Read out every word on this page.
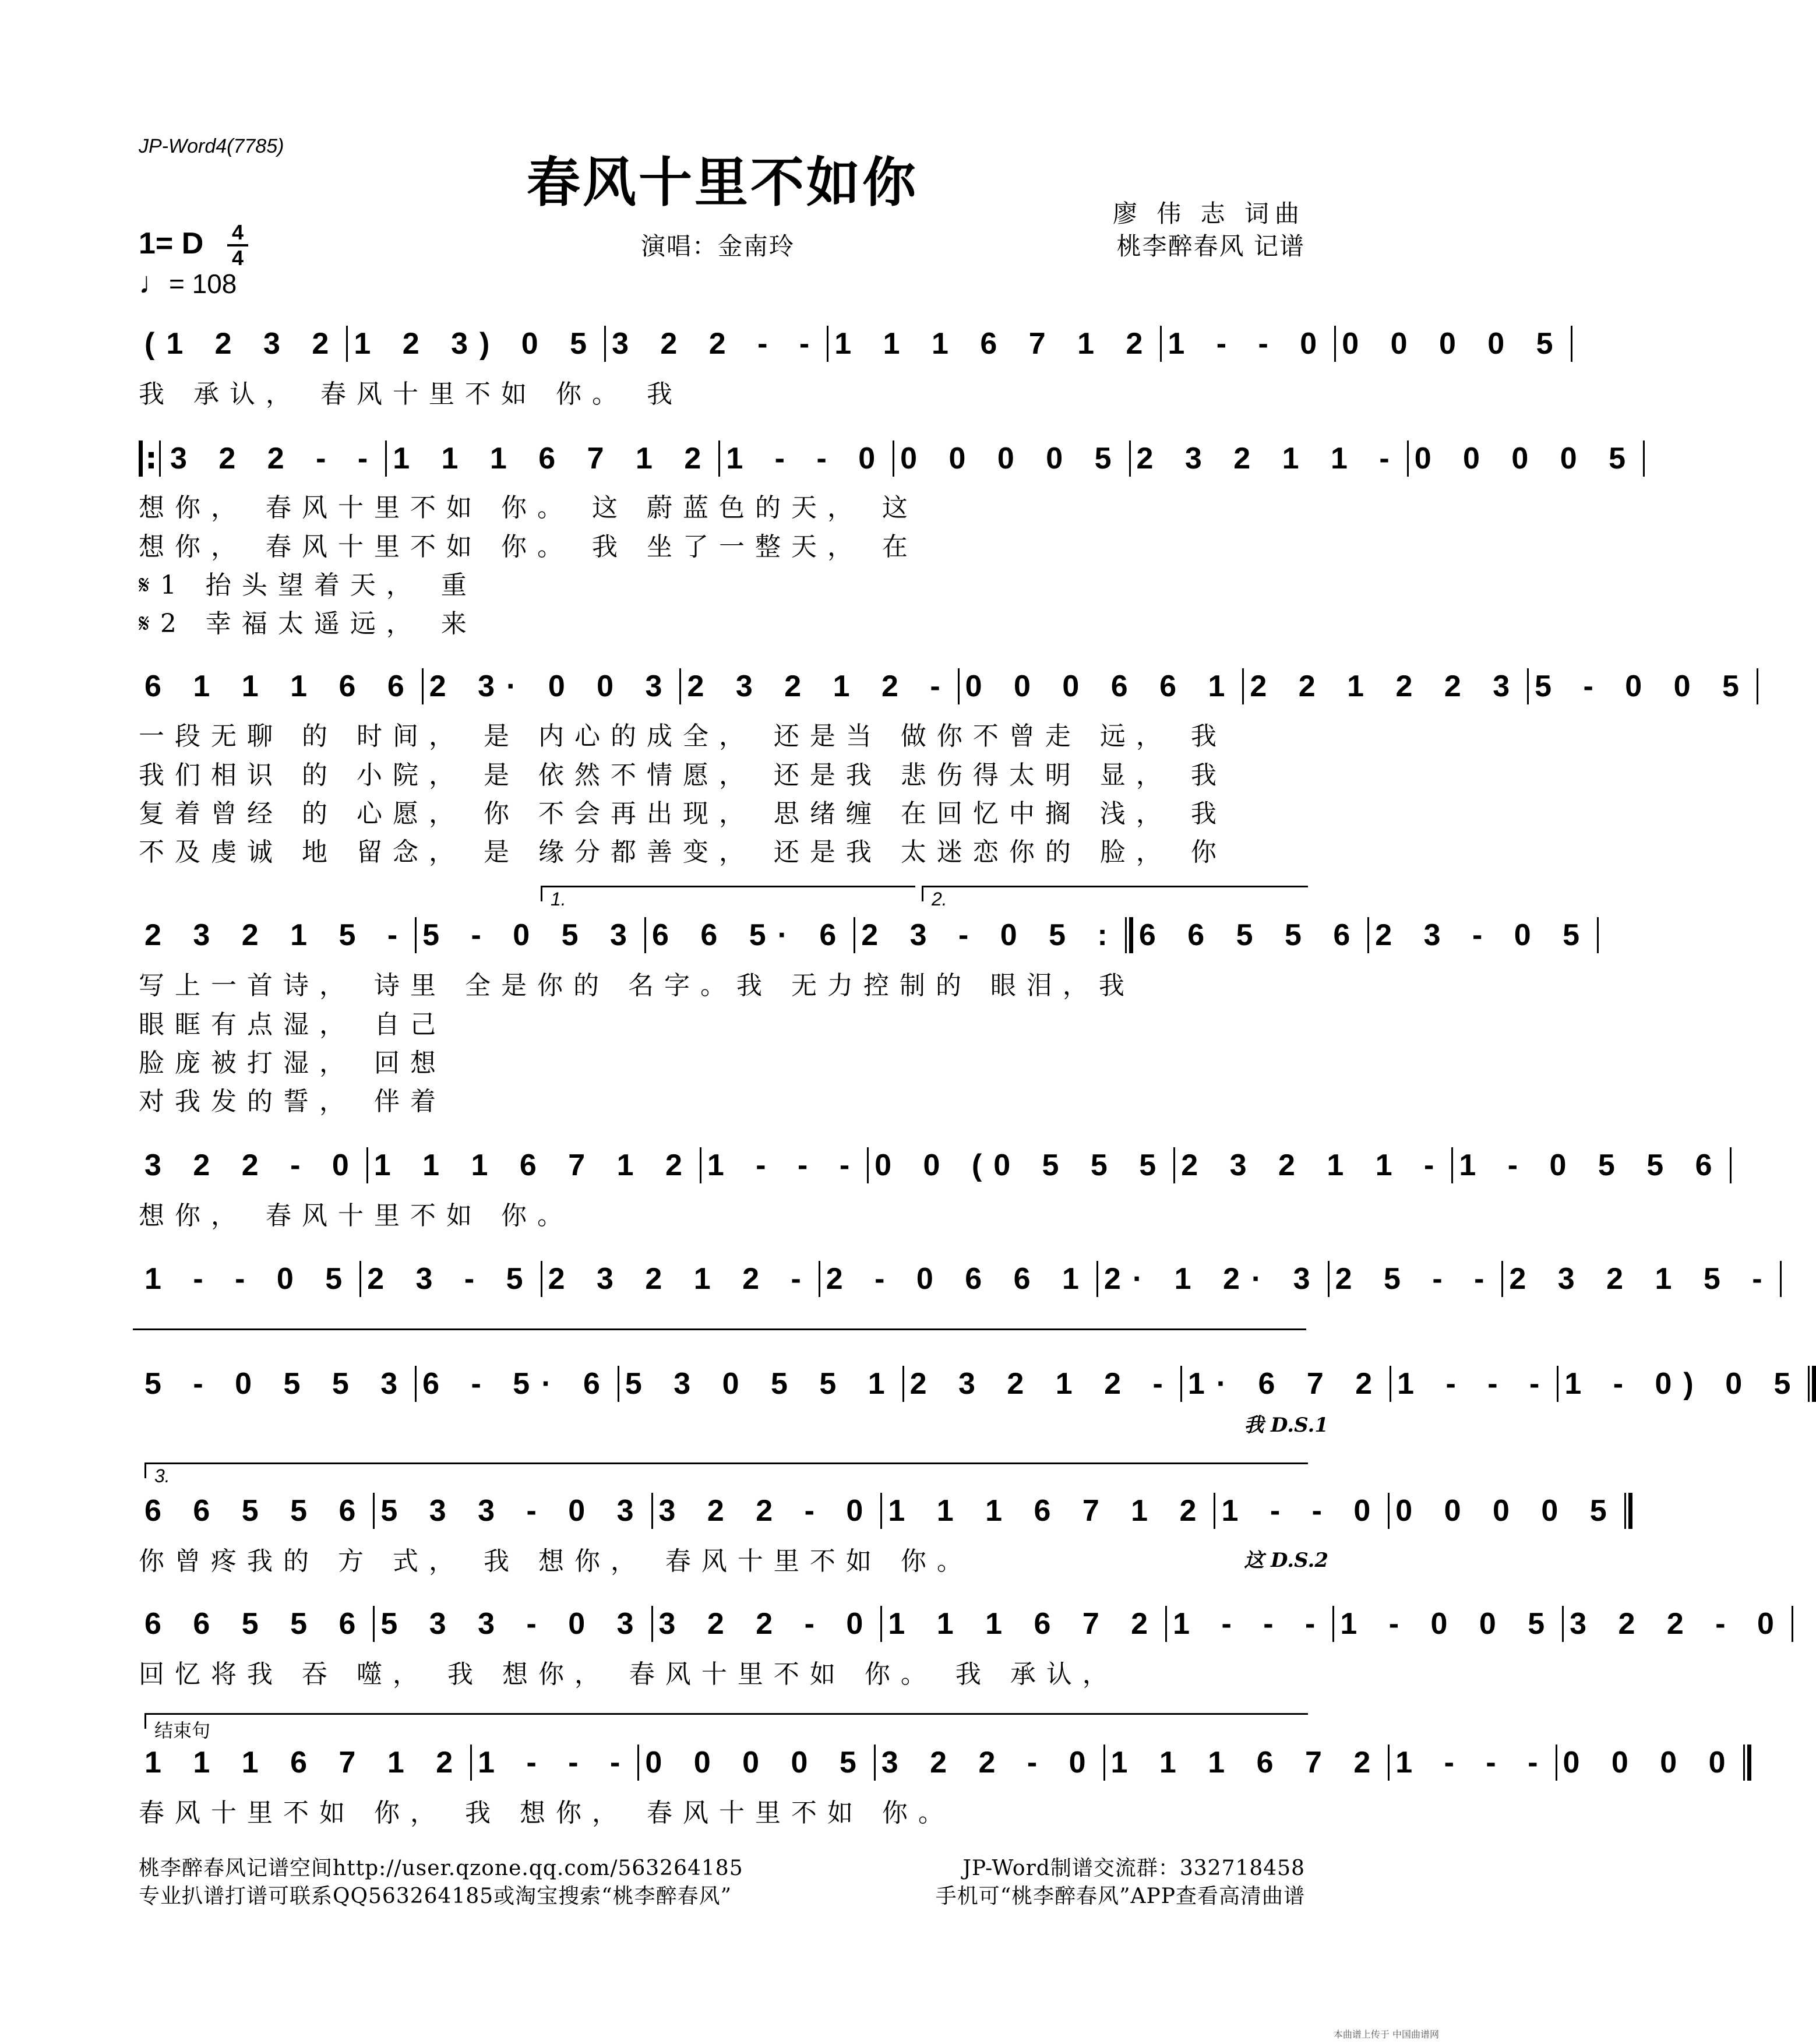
JP-Word4(7785)
春风十里不如你	廖 伟 志 词曲
桃李醉春风 记谱
演唱：金南玲
1= D 4
4
♩= 108
(1 2 3 2 1 2 3) 0 5 3 2 2 - - 1 1 1 6 7 1 2 1 - - 0 0 0 0 0 5
我 承认， 春风十里不如 你。 我
: 3 2 2 - - 1 1 1 6 7 1 2 1 - - 0 0 0 0 0 5 2 3 2 1 1 - 0 0 0 0 5
想你， 春风十里不如 你。 这 蔚蓝色的天， 这
想你， 春风十里不如 你。 我 坐了一整天， 在
𝄋1 抬头望着天， 重
𝄋2 幸福太遥远， 来
6 1 1 1 6 6 2 3· 0 0 3 2 3 2 1 2 - 0 0 0 6 6 1 2 2 1 2 2 3 5 - 0 0 5
一段无聊 的 时间， 是 内心的成全， 还是当 做你不曾走 远， 我
我们相识 的 小院， 是 依然不情愿， 还是我 悲伤得太明 显， 我
复着曾经 的 心愿， 你 不会再出现， 思绪缠 在回忆中搁 浅， 我
不及虔诚 地 留念， 是 缘分都善变， 还是我 太迷恋你的 脸， 你
1.	2.
2 3 2 1 5 - 5 - 0 5 3 6 6 5· 6 2 3 - 0 5 : 6 6 5 5 6 2 3 - 0 5
写上一首诗， 诗里 全是你的 名字。我 无力控制的 眼泪，我
眼眶有点湿， 自己
脸庞被打湿， 回想
对我发的誓， 伴着
3 2 2 - 0 1 1 1 6 7 1 2 1 - - - 0 0 (0 5 5 5 2 3 2 1 1 - 1 - 0 5 5 6
想你， 春风十里不如 你。
1 - - 0 5 2 3 - 5 2 3 2 1 2 - 2 - 0 6 6 1 2· 1 2· 3 2 5 - - 2 3 2 1 5 -
5 - 0 5 5 3 6 - 5· 6 5 3 0 5 5 1 2 3 2 1 2 - 1· 6 7 2 1 - - - 1 - 0) 0 5
我 D.S.1
3.
6 6 5 5 6 5 3 3 - 0 3 3 2 2 - 0 1 1 1 6 7 1 2 1 - - 0 0 0 0 0 5
你曾疼我的 方 式， 我 想你， 春风十里不如 你。	这 D.S.2
6 6 5 5 6 5 3 3 - 0 3 3 2 2 - 0 1 1 1 6 7 2 1 - - - 1 - 0 0 5 3 2 2 - 0
回忆将我 吞 噬， 我 想你， 春风十里不如 你。 我 承认，
结束句
1 1 1 6 7 1 2 1 - - - 0 0 0 0 5 3 2 2 - 0 1 1 1 6 7 2 1 - - - 0 0 0 0
春风十里不如 你， 我 想你， 春风十里不如 你。
桃李醉春风记谱空间http://user.qzone.qq.com/563264185
专业扒谱打谱可联系QQ563264185或淘宝搜索“桃李醉春风”
JP-Word制谱交流群：332718458
手机可“桃李醉春风”APP查看高清曲谱
本曲谱上传于 中国曲谱网
